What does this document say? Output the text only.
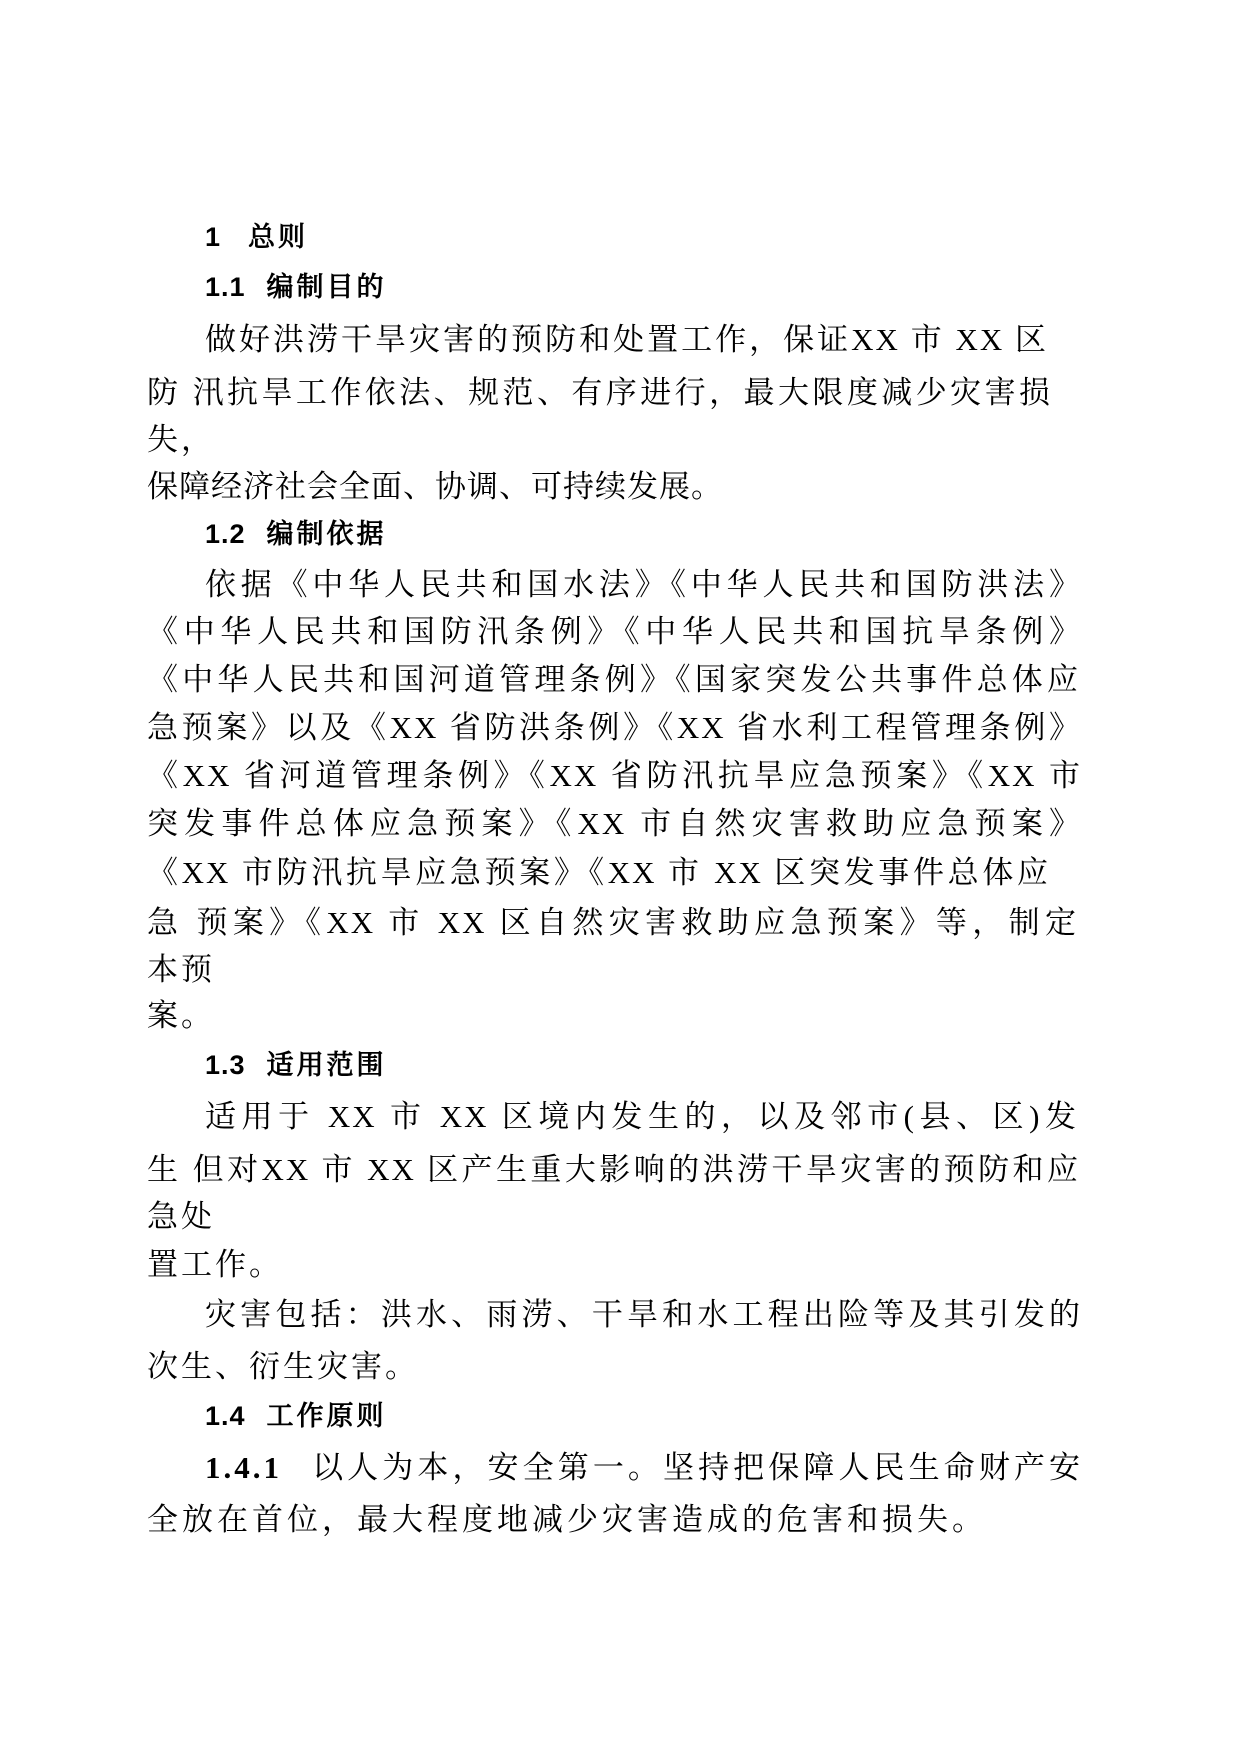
1 总则
1.1 编制目的
做好洪涝干旱灾害的预防和处置工作，保证XX 市 XX 区
防 汛抗旱工作依法、规范、有序进行，最大限度减少灾害损
失，
保障经济社会全面、协调、可持续发展。
1.2 编制依据
依据《中华人民共和国水法》《中华人民共和国防洪法》
《中华人民共和国防汛条例》《中华人民共和国抗旱条例》
《中华人民共和国河道管理条例》《国家突发公共事件总体应
急预案》以及《XX 省防洪条例》《XX 省水利工程管理条例》
《XX 省河道管理条例》《XX 省防汛抗旱应急预案》《XX 市
突发事件总体应急预案》《XX 市自然灾害救助应急预案》
《XX 市防汛抗旱应急预案》《XX 市 XX 区突发事件总体应
急 预案》《XX 市 XX 区自然灾害救助应急预案》等，制定
本预
案。
1.3 适用范围
适用于 XX 市 XX 区境内发生的，以及邻市(县、区)发
生 但对XX 市 XX 区产生重大影响的洪涝干旱灾害的预防和应
急处
置工作。
灾害包括：洪水、雨涝、干旱和水工程出险等及其引发的
次生、衍生灾害。
1.4 工作原则
1.4.1 以人为本，安全第一。坚持把保障人民生命财产安
全放在首位，最大程度地减少灾害造成的危害和损失。
